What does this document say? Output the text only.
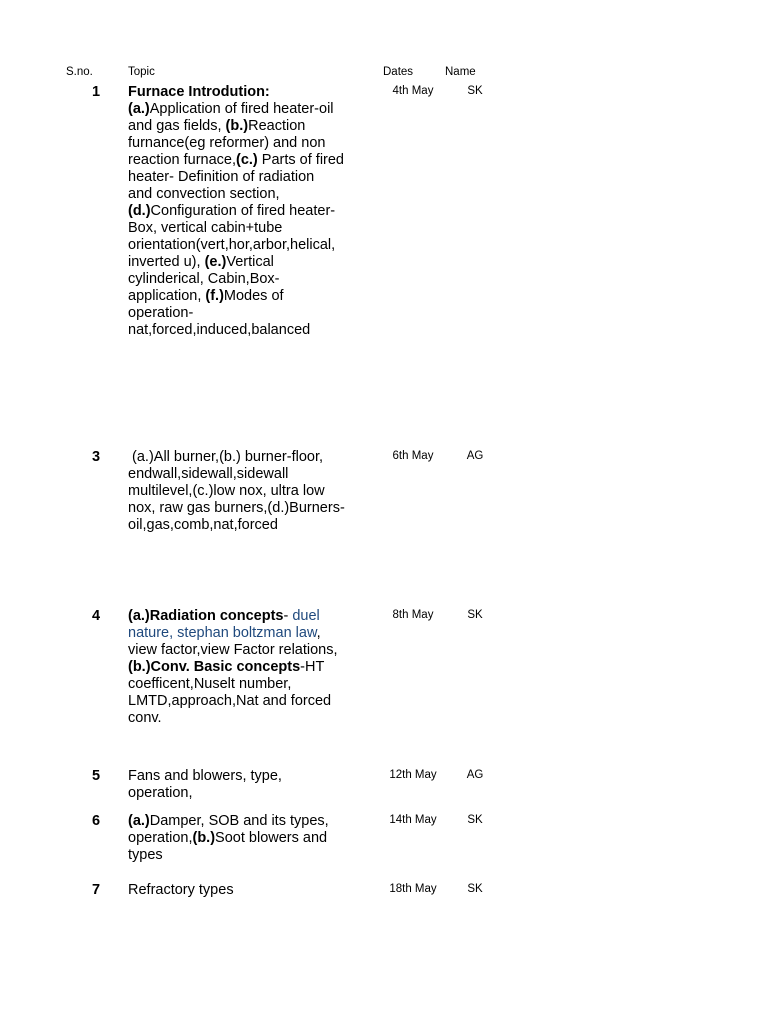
S.no.	Topic	Dates	Name
1	Furnace Introdution:
(a.)Application of fired heater-oil
and gas fields, (b.)Reaction
furnance(eg reformer) and non
reaction furnace,(c.) Parts of fired
heater- Definition of radiation
and convection section,
(d.)Configuration of fired heater-
Box, vertical cabin+tube
orientation(vert,hor,arbor,helical,
inverted u), (e.)Vertical
cylinderical, Cabin,Box-
application, (f.)Modes of
operation-
nat,forced,induced,balanced
4th May	SK
3	(a.)All burner,(b.) burner-floor,
endwall,sidewall,sidewall
multilevel,(c.)low nox, ultra low
nox, raw gas burners,(d.)Burners-
oil,gas,comb,nat,forced
6th May	AG
4	(a.)Radiation concepts- duel
nature, stephan boltzman law,
view factor,view Factor relations,
(b.)Conv. Basic concepts-HT
coefficent,Nuselt number,
LMTD,approach,Nat and forced
conv.
8th May	SK
5	Fans and blowers, type,
operation,
12th May	AG
6	(a.)Damper, SOB and its types,
operation,(b.)Soot blowers and
types
14th May	SK
7	Refractory types	18th May	SK
